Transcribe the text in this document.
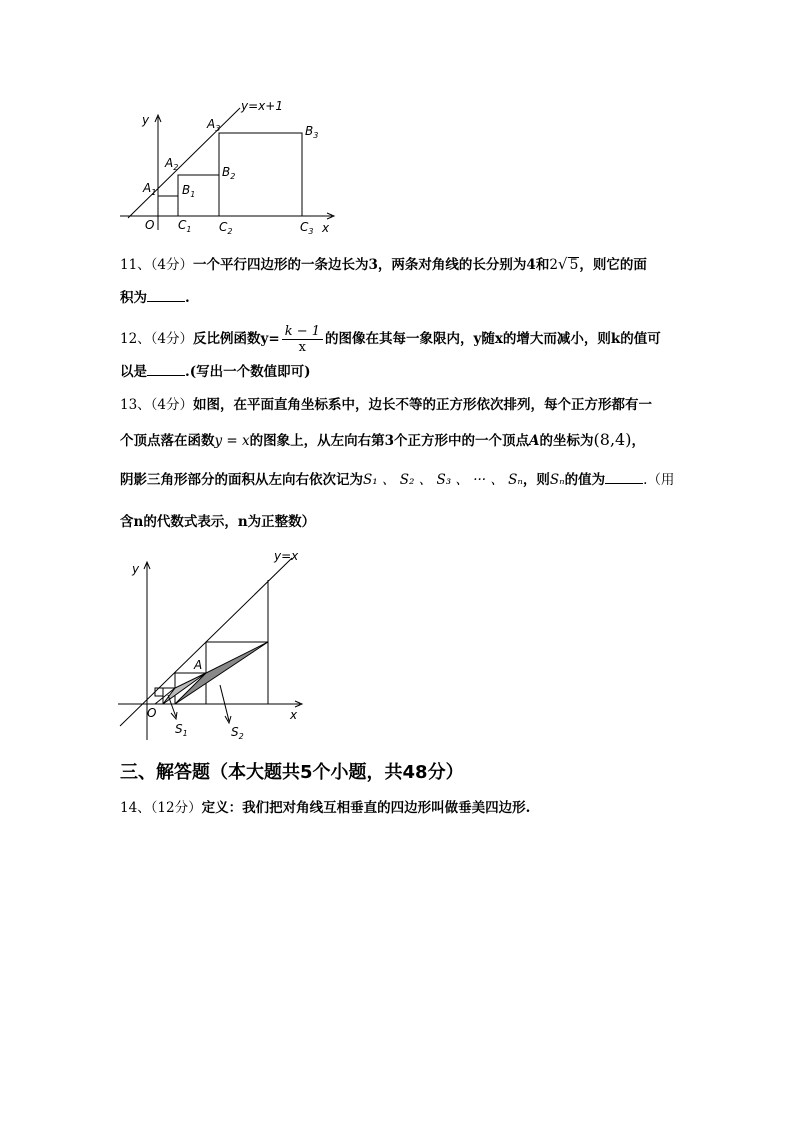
y=x+1
y
x
O
$A_1$
$A_2$
$A_3$
$B_1$
$B_2$
$B_3$
$C_1$ $C_2$	$C_3$
11、（4分）一个平行四边形的一条边长为3，两条对角线的长分别为4和2√ 5，则它的面
积为	.
12、（4分）反比例函数$y= \frac{k - 1}{x}$ 的图像在其每一象限内，y随x的增大而减小，则k的值可
以是	.(写出一个数值即可)
13、（4分）如图，在平面直角坐标系中，边长不等的正方形依次排列，每个正方形都有一
个顶点落在函数y = x的图象上，从左向右第3个正方形中的一个顶点A的坐标为(8,4)，
阴影三角形部分的面积从左向右依次记为S₁ 、 S₂ 、 S₃ 、 ··· 、 Sₙ，则Sₙ的值为	.（用
含n的代数式表示，n为正整数）
y=x
y
x
O
A
$S_1$	$S_2$
三、解答题（本大题共5个小题，共48分）
14、（12分）定义：我们把对角线互相垂直的四边形叫做垂美四边形.
